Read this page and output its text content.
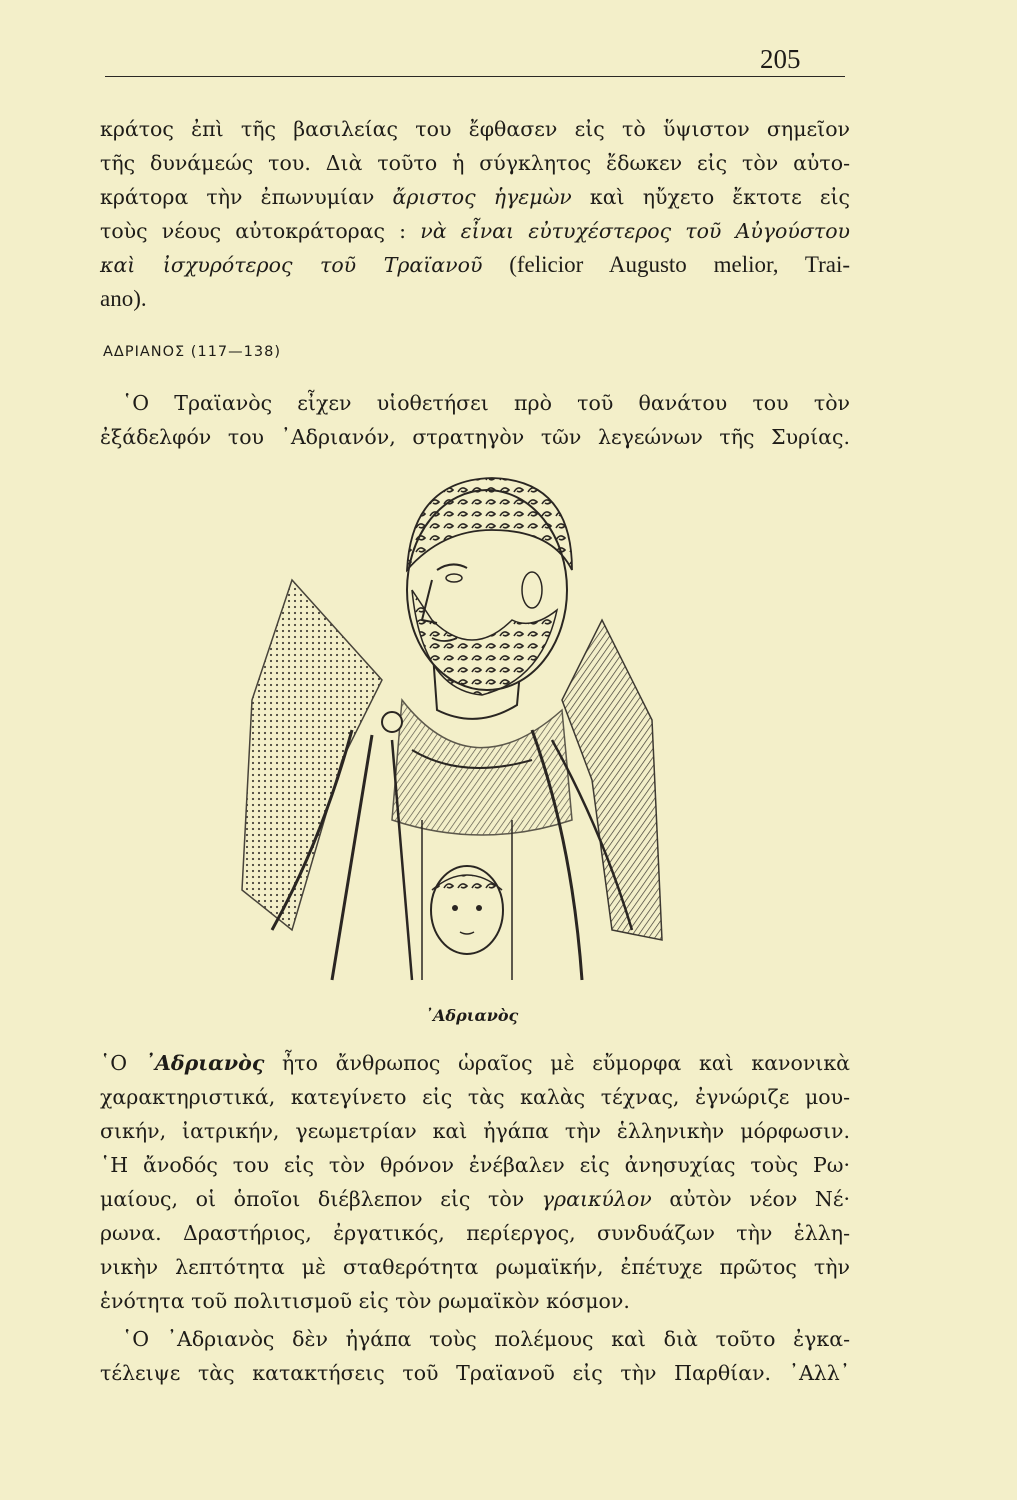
205
κράτος ἐπὶ τῆς βασιλείας του ἔφθασεν εἰς τὸ ὕψιστον σημεῖον
τῆς δυνάμεώς του. Διὰ τοῦτο ἡ σύγκλητος ἔδωκεν εἰς τὸν αὐτο-
κράτορα τὴν ἐπωνυμίαν ἄριστος ἡγεμὼν καὶ ηὔχετο ἔκτοτε εἰς
τοὺς νέους αὐτοκράτορας : νὰ εἶναι εὐτυχέστερος τοῦ Αὐγούστου
καὶ ἰσχυρότερος τοῦ Τραϊανοῦ (felicior Augusto melior, Trai-
ano).
ΑΔΡΙΑΝΟΣ (117—138)
῾Ο Τραϊανὸς εἶχεν υἱοθετήσει πρὸ τοῦ θανάτου του τὸν
ἐξάδελφόν του ᾿Αδριανόν, στρατηγὸν τῶν λεγεώνων τῆς Συρίας.
᾿Αδριανὸς
῾Ο ᾿Αδριανὸς ἦτο ἄνθρωπος ὡραῖος μὲ εὔμορφα καὶ κανονικὰ
χαρακτηριστικά, κατεγίνετο εἰς τὰς καλὰς τέχνας, ἐγνώριζε μου-
σικήν, ἰατρικήν, γεωμετρίαν καὶ ἠγάπα τὴν ἑλληνικὴν μόρφωσιν.
῾Η ἄνοδός του εἰς τὸν θρόνον ἐνέβαλεν εἰς ἀνησυχίας τοὺς Ρω·
μαίους, οἱ ὁποῖοι διέβλεπον εἰς τὸν γραικύλον αὐτὸν νέον Νέ·
ρωνα. Δραστήριος, ἐργατικός, περίεργος, συνδυάζων τὴν ἑλλη-
νικὴν λεπτότητα μὲ σταθερότητα ρωμαϊκήν, ἐπέτυχε πρῶτος τὴν
ἑνότητα τοῦ πολιτισμοῦ εἰς τὸν ρωμαϊκὸν κόσμον.
῾Ο ᾿Αδριανὸς δὲν ἠγάπα τοὺς πολέμους καὶ διὰ τοῦτο ἐγκα-
τέλειψε τὰς κατακτήσεις τοῦ Τραϊανοῦ εἰς τὴν Παρθίαν. ᾿Αλλ᾿
